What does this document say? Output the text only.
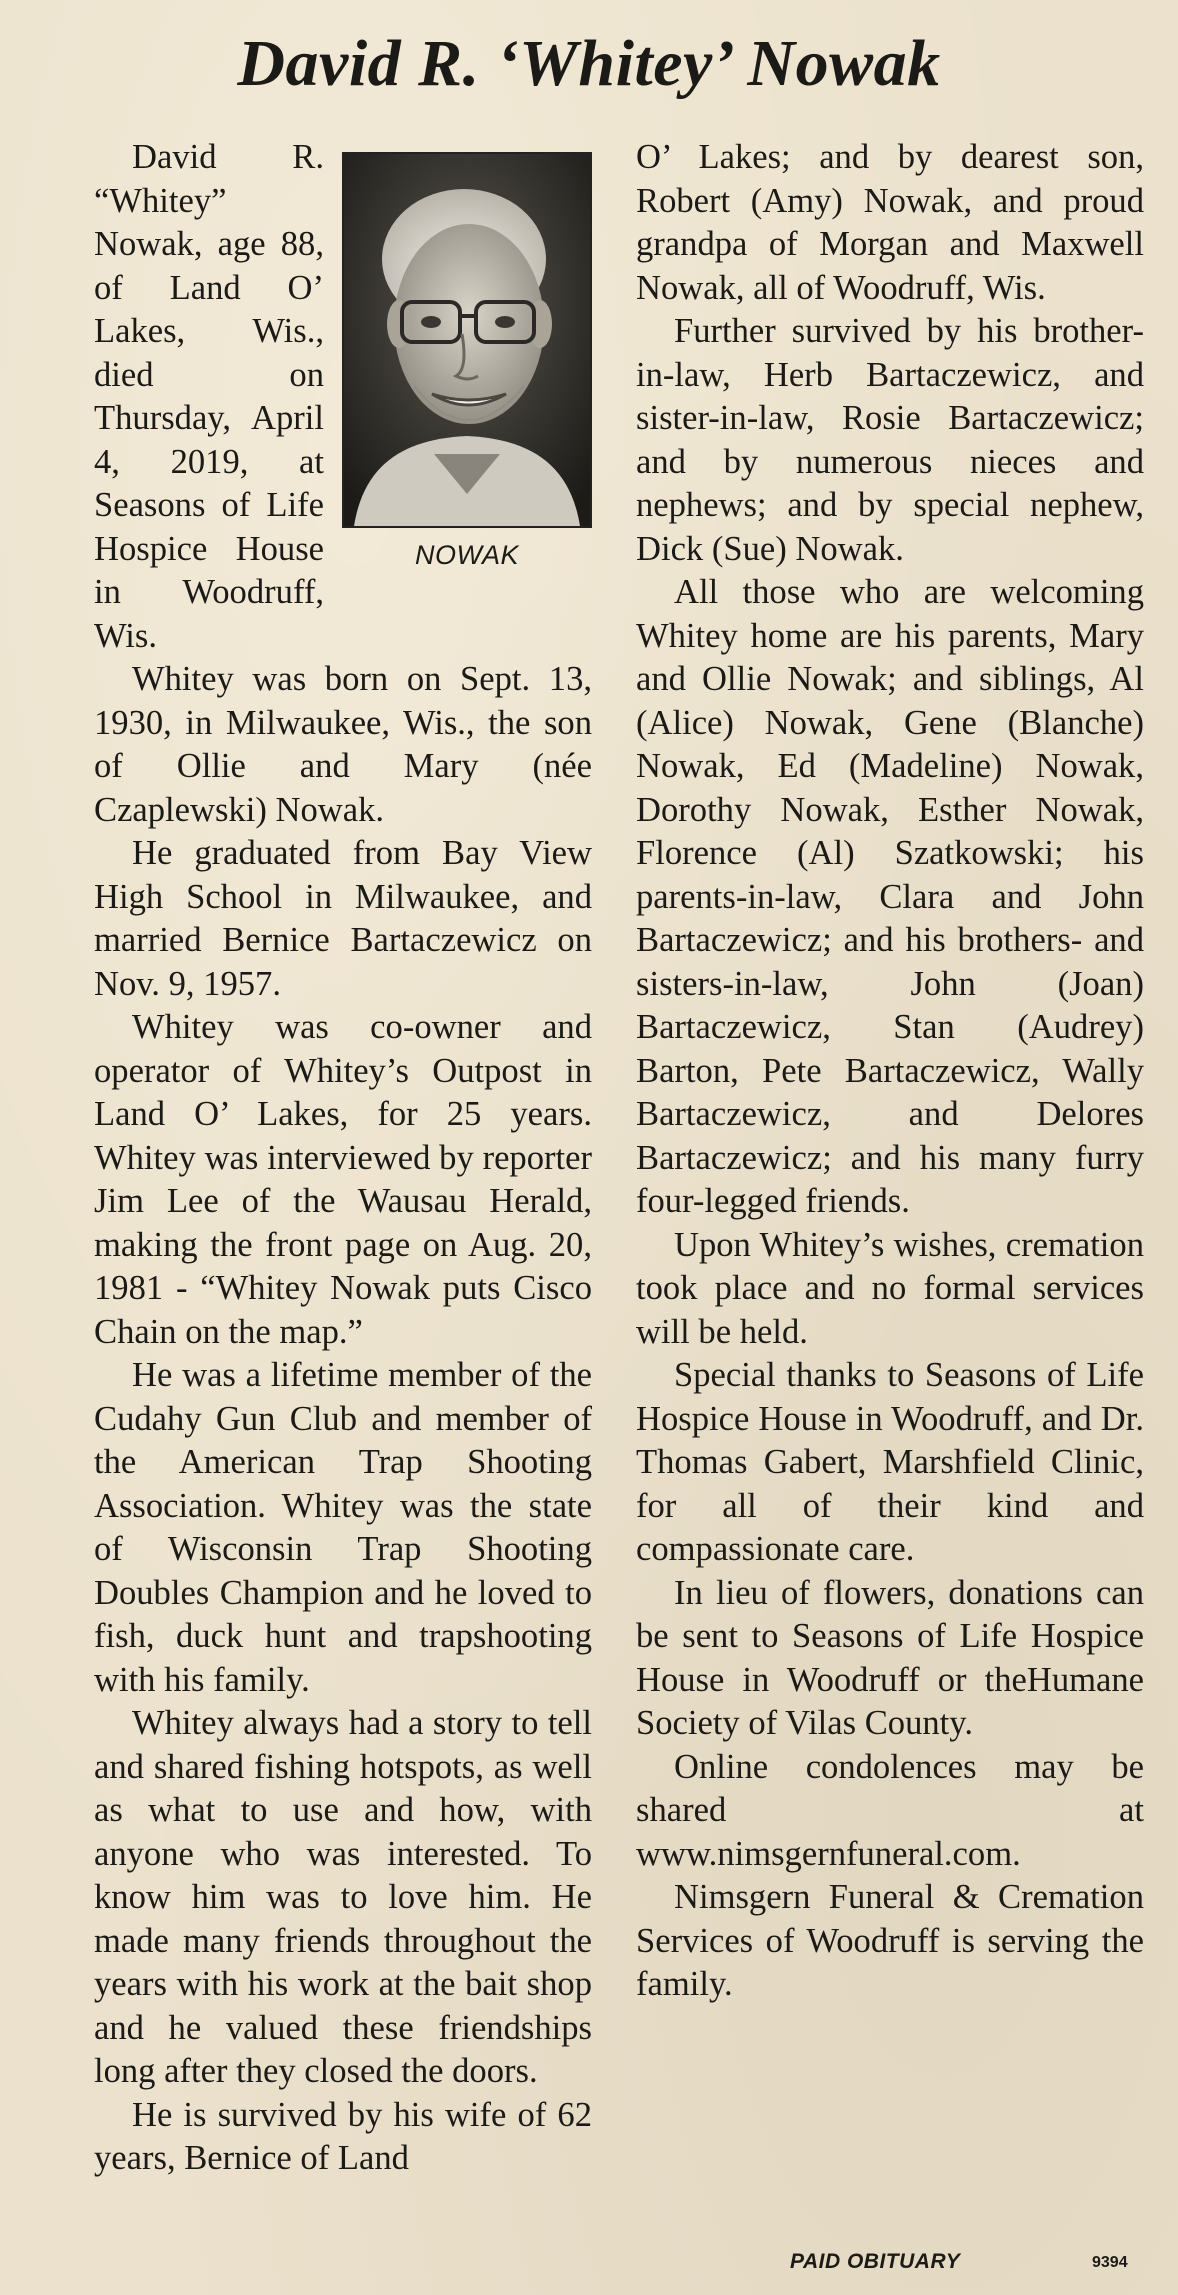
David R. ‘Whitey’ Nowak
NOWAK

David R. “Whitey” Nowak, age 88, of Land O’ Lakes, Wis., died on Thursday, April 4, 2019, at Seasons of Life Hospice House in Woodruff, Wis.

Whitey was born on Sept. 13, 1930, in Milwaukee, Wis., the son of Ollie and Mary (née Czaplewski) Nowak.

He graduated from Bay View High School in Milwaukee, and married Bernice Bartaczewicz on Nov. 9, 1957.

Whitey was co-owner and operator of Whitey’s Outpost in Land O’ Lakes, for 25 years. Whitey was interviewed by reporter Jim Lee of the Wausau Herald, making the front page on Aug. 20, 1981 - “Whitey Nowak puts Cisco Chain on the map.”

He was a lifetime member of the Cudahy Gun Club and member of the American Trap Shooting Association. Whitey was the state of Wisconsin Trap Shooting Doubles Champion and he loved to fish, duck hunt and trapshooting with his family.

Whitey always had a story to tell and shared fishing hotspots, as well as what to use and how, with anyone who was interested. To know him was to love him. He made many friends throughout the years with his work at the bait shop and he valued these friendships long after they closed the doors.

He is survived by his wife of 62 years, Bernice of Land

O’ Lakes; and by dearest son, Robert (Amy) Nowak, and proud grandpa of Morgan and Maxwell Nowak, all of Woodruff, Wis.

Further survived by his brother-in-law, Herb Bartaczewicz, and sister-in-law, Rosie Bartaczewicz; and by numerous nieces and nephews; and by special nephew, Dick (Sue) Nowak.

All those who are welcoming Whitey home are his parents, Mary and Ollie Nowak; and siblings, Al (Alice) Nowak, Gene (Blanche) Nowak, Ed (Madeline) Nowak, Dorothy Nowak, Esther Nowak, Florence (Al) Szatkowski; his parents-in-law, Clara and John Bartaczewicz; and his brothers- and sisters-in-law, John (Joan) Bartaczewicz, Stan (Audrey) Barton, Pete Bartaczewicz, Wally Bartaczewicz, and Delores Bartaczewicz; and his many furry four-legged friends.

Upon Whitey’s wishes, cremation took place and no formal services will be held.

Special thanks to Seasons of Life Hospice House in Woodruff, and Dr. Thomas Gabert, Marshfield Clinic, for all of their kind and compassionate care.

In lieu of flowers, donations can be sent to Seasons of Life Hospice House in Woodruff or theHumane Society of Vilas County.

Online condolences may be shared at www.nimsgernfuneral.com.

Nimsgern Funeral & Cremation Services of Woodruff is serving the family.

PAID OBITUARY	9394
